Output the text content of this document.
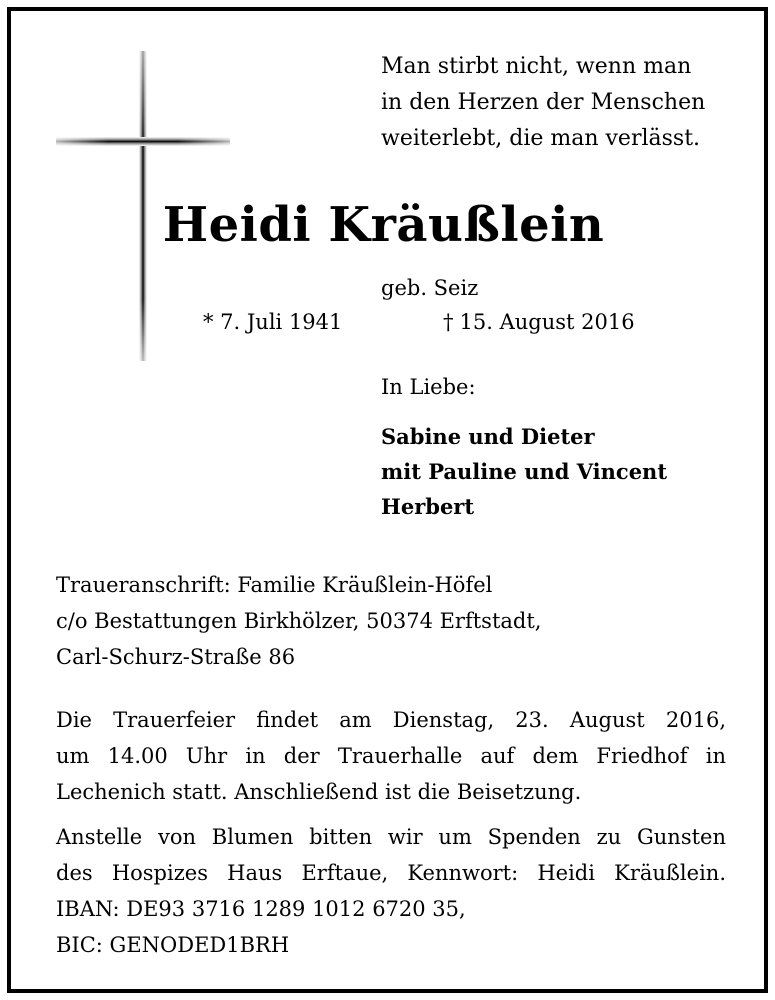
Man stirbt nicht, wenn man
in den Herzen der Menschen
weiterlebt, die man verlässt.
Heidi Kräußlein
geb. Seiz
* 7. Juli 1941	† 15. August 2016
In Liebe:
Sabine und Dieter
mit Pauline und Vincent
Herbert
Traueranschrift: Familie Kräußlein-Höfel
c/o Bestattungen Birkhölzer, 50374 Erftstadt,
Carl-Schurz-Straße 86
Die Trauerfeier findet am Dienstag, 23. August 2016,
um 14.00 Uhr in der Trauerhalle auf dem Friedhof in
Lechenich statt. Anschließend ist die Beisetzung.
Anstelle von Blumen bitten wir um Spenden zu Gunsten
des Hospizes Haus Erftaue, Kennwort: Heidi Kräußlein.
IBAN: DE93 3716 1289 1012 6720 35,
BIC: GENODED1BRH
